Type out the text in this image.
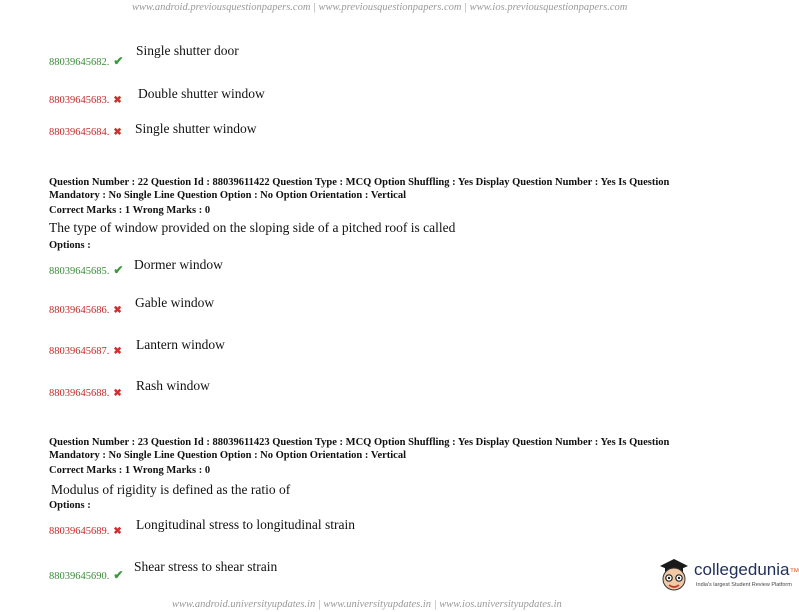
www.android.previousquestionpapers.com | www.previousquestionpapers.com | www.ios.previousquestionpapers.com
88039645682. ✔
Single shutter door
88039645683. ✖ Double shutter window
88039645684. ✖ Single shutter window
Question Number : 22 Question Id : 88039611422 Question Type : MCQ Option Shuffling : Yes Display Question Number : Yes Is Question
Mandatory : No Single Line Question Option : No Option Orientation : Vertical
Correct Marks : 1 Wrong Marks : 0
The type of window provided on the sloping side of a pitched roof is called
Options :
88039645685. ✔ Dormer window
88039645686. ✖
Gable window
88039645687. ✖ Lantern window
88039645688. ✖
Rash window
Question Number : 23 Question Id : 88039611423 Question Type : MCQ Option Shuffling : Yes Display Question Number : Yes Is Question
Mandatory : No Single Line Question Option : No Option Orientation : Vertical
Correct Marks : 1 Wrong Marks : 0
Modulus of rigidity is defined as the ratio of
Options :
88039645689. ✖ Longitudinal stress to longitudinal strain
88039645690. ✔
Shear stress to shear strain	collegedunia™
India's largest Student Review Platform
www.android.universityupdates.in | www.universityupdates.in | www.ios.universityupdates.in
